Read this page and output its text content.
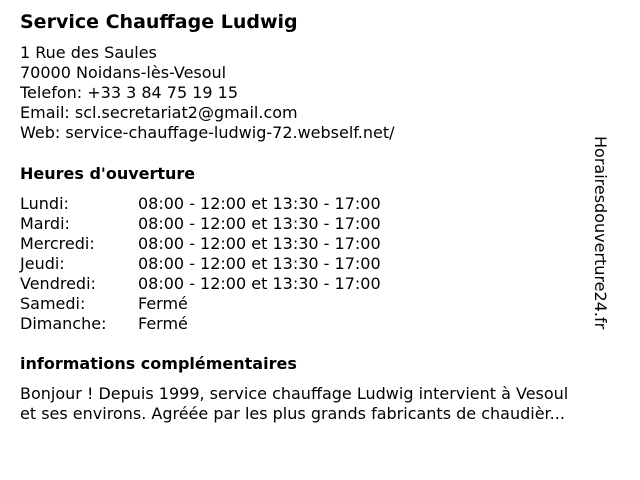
Service Chauffage Ludwig
1 Rue des Saules
70000 Noidans-lès-Vesoul
Telefon: +33 3 84 75 19 15
Email: scl.secretariat2@gmail.com
Web: service-chauffage-ludwig-72.webself.net/
Heures d'ouverture
Lundi:	08:00 - 12:00 et 13:30 - 17:00
Mardi:	08:00 - 12:00 et 13:30 - 17:00
Mercredi:	08:00 - 12:00 et 13:30 - 17:00
Jeudi:	08:00 - 12:00 et 13:30 - 17:00
Vendredi:	08:00 - 12:00 et 13:30 - 17:00
Samedi:	Fermé
Dimanche:	Fermé
informations complémentaires
Bonjour ! Depuis 1999, service chauffage Ludwig intervient à Vesoul
et ses environs. Agréée par les plus grands fabricants de chaudièr...
Horairesdouverture24.fr
